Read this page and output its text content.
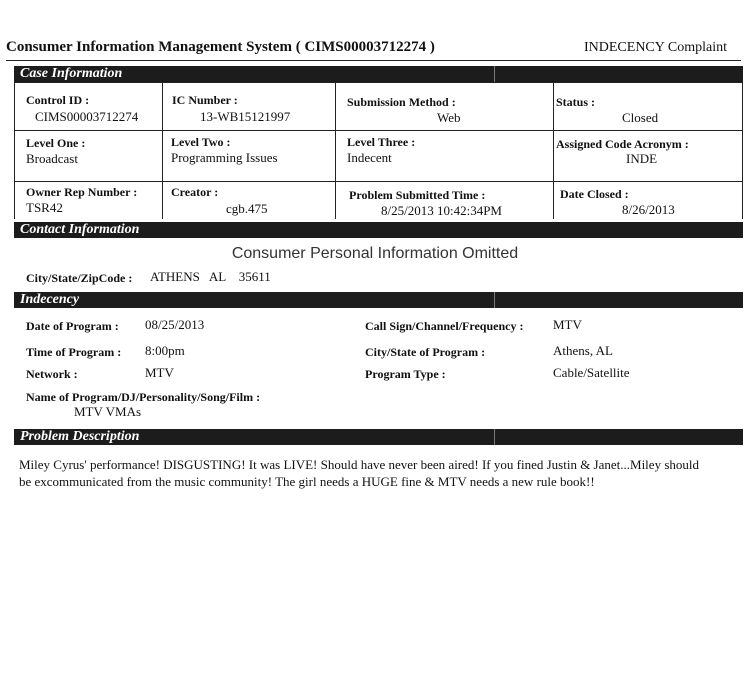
Consumer Information Management System ( CIMS00003712274 )	INDECENCY Complaint
Case Information
Control ID :
CIMS00003712274
IC Number :
13-WB15121997
Submission Method :
Web
Status :
Closed
Level One :
Broadcast
Level Two :
Programming Issues
Level Three :
Indecent
Assigned Code Acronym :
INDE
Owner Rep Number :
TSR42
Creator :
cgb.475
Problem Submitted Time :
8/25/2013 10:42:34PM
Date Closed :
8/26/2013
Contact Information
Consumer Personal Information Omitted
City/State/ZipCode : ATHENS   AL    35611
Indecency
Date of Program : 08/25/2013
Time of Program : 8:00pm
Network :	MTV
Call Sign/Channel/Frequency : MTV
City/State of Program :	Athens, AL
Program Type :	Cable/Satellite
Name of Program/DJ/Personality/Song/Film :
MTV VMAs
Problem Description
Miley Cyrus' performance! DISGUSTING! It was LIVE! Should have never been aired! If you fined Justin & Janet...Miley should be excommunicated from the music community! The girl needs a HUGE fine & MTV needs a new rule book!!
